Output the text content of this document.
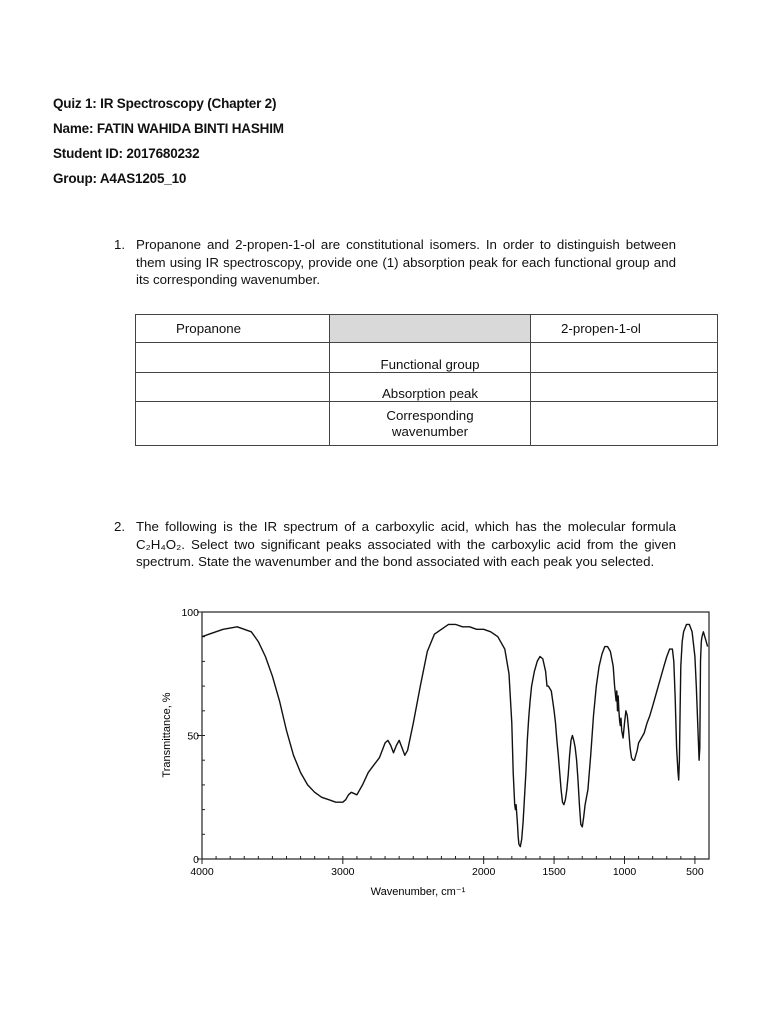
Quiz 1: IR Spectroscopy (Chapter 2)
Name: FATIN WAHIDA BINTI HASHIM
Student ID: 2017680232
Group: A4AS1205_10
1. Propanone and 2-propen-1-ol are constitutional isomers. In order to distinguish between them using IR spectroscopy, provide one (1) absorption peak for each functional group and its corresponding wavenumber.
Propanone		2-propen-1-ol
	Functional group	
	Absorption peak	

	Corresponding wavenumber	

2. The following is the IR spectrum of a carboxylic acid, which has the molecular formula C₂H₄O₂. Select two significant peaks associated with the carboxylic acid from the given spectrum. State the wavenumber and the bond associated with each peak you selected.
4000	3000	2000	1500	1000	500
0
50
100
Transmittance, %
Wavenumber, cm⁻¹
